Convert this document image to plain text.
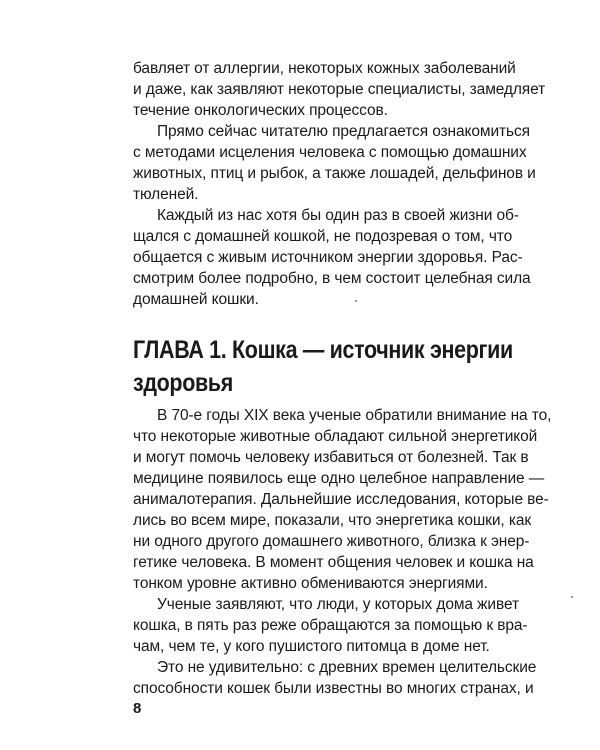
бавляет от аллергии, некоторых кожных заболеваний
и даже, как заявляют некоторые специалисты, замедляет
течение онкологических процессов.
Прямо сейчас читателю предлагается ознакомиться
с методами исцеления человека с помощью домашних
животных, птиц и рыбок, а также лошадей, дельфинов и
тюленей.
Каждый из нас хотя бы один раз в своей жизни об-
щался с домашней кошкой, не подозревая о том, что
общается с живым источником энергии здоровья. Рас-
смотрим более подробно, в чем состоит целебная сила
домашней кошки.
ГЛАВА 1. Кошка — источник энергии
здоровья
В 70-е годы XIX века ученые обратили внимание на то,
что некоторые животные обладают сильной энергетикой
и могут помочь человеку избавиться от болезней. Так в
медицине появилось еще одно целебное направление —
анималотерапия. Дальнейшие исследования, которые ве-
лись во всем мире, показали, что энергетика кошки, как
ни одного другого домашнего животного, близка к энер-
гетике человека. В момент общения человек и кошка на
тонком уровне активно обмениваются энергиями.
Ученые заявляют, что люди, у которых дома живет
кошка, в пять раз реже обращаются за помощью к вра-
чам, чем те, у кого пушистого питомца в доме нет.
Это не удивительно: с древних времен целительские
способности кошек были известны во многих странах, и
8
